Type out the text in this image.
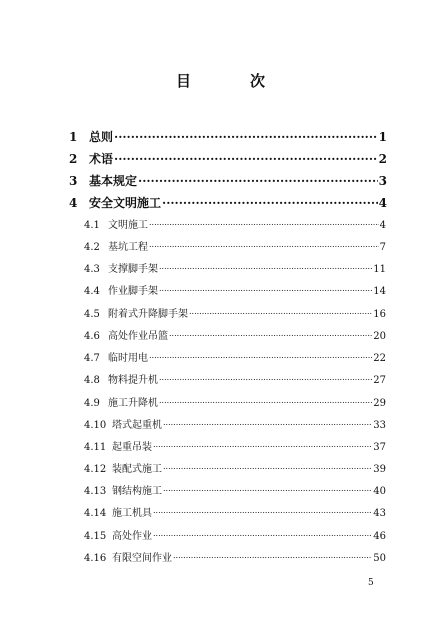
目　次
1 总则 .....	1
2 术语 .....	2
3 基本规定 .....	3
4 安全文明施工 .....	4
4.1 文明施工 .....	4
4.2 基坑工程 .....	7
4.3 支撑脚手架 .....	11
4.4 作业脚手架 .....	14
4.5 附着式升降脚手架 .....	16
4.6 高处作业吊篮 .....	20
4.7 临时用电 .....	22
4.8 物料提升机 .....	27
4.9 施工升降机 .....	29
4.10 塔式起重机 .....	33
4.11 起重吊装 .....	37
4.12 装配式施工 .....	39
4.13 钢结构施工 .....	40
4.14 施工机具 .....	43
4.15 高处作业 .....	46
4.16 有限空间作业 .....	50
5
